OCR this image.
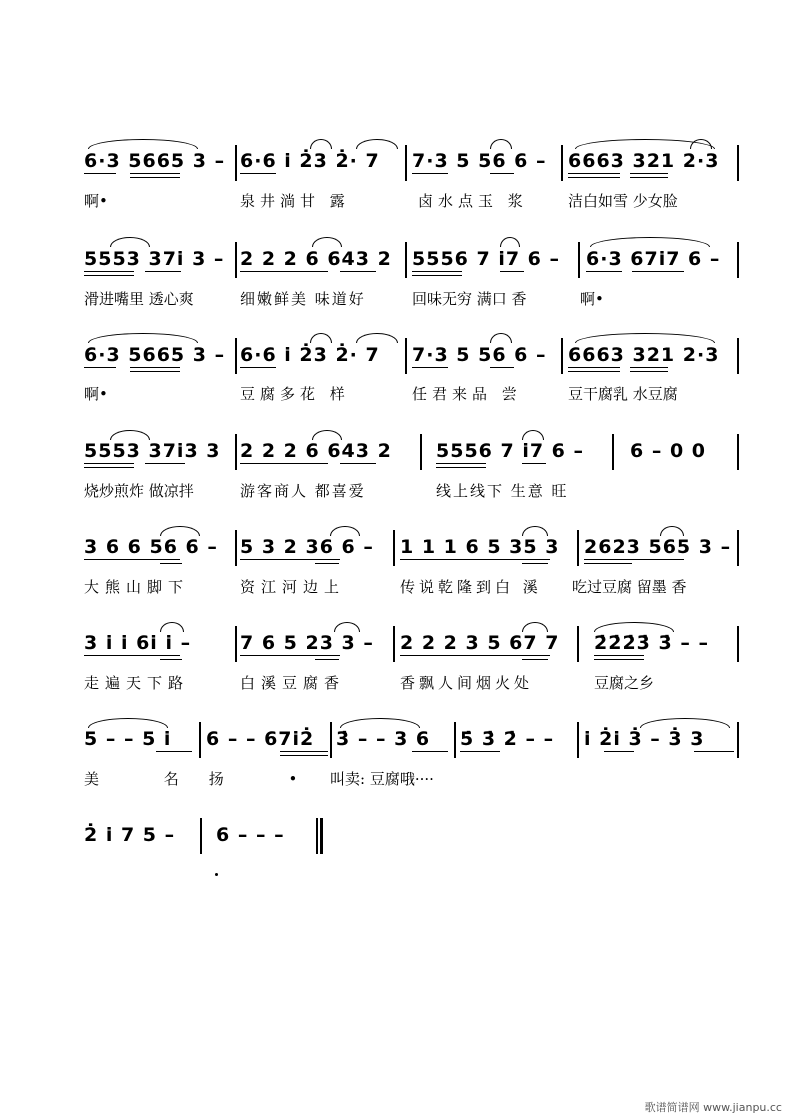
6·3 5665 3 – 6·6 i 2̇3 2̇· 7 7·3 5 56 6 – 6663 321 2·3
啊•	泉井淌甘 露	卤水点玉 浆	洁白如雪 少女脸
5553 37i 3 – 2 2 2 6 643 2 5556 7 i7 6 – 6·3 67i7 6 –
滑进嘴里 透心爽	细嫩鲜美 味道好	回味无穷 满口 香	啊•
6·3 5665 3 – 6·6 i 2̇3 2̇· 7 7·3 5 56 6 – 6663 321 2·3
啊•	豆腐多花 样	任君来品 尝	豆干腐乳 水豆腐
5553 37i3 3 2 2 2 6 643 2 5556 7 i7 6 – 6 – 0 0
烧炒煎炸 做凉拌	游客商人 都喜爱	线上线下 生意 旺
3 6 6 56 6 – 5 3 2 36 6 – 1 1 1 6 5 35 3 2623 565 3 –
大熊山脚下	资江河边上	传说乾隆到白 溪 吃过豆腐 留墨 香
3 i i 6i i –	7 6 5 23 3 – 2 2 2 3 5 67 7 2̇2̇2̇3̇ 3̇ – –
走遍天下路	白溪豆腐香	香飘人间烟火处	豆腐之乡
5 – – 5 i 6 – – 67i2̇ 3̇ – – 3 6 5̇ 3̇ 2̇ – – i 2̇i 3̇ – 3̇ 3
美 名扬 • 叫卖: 豆腐哦····
2̇ i 7 5 – 6 – – –
歌谱简谱网 www.jianpu.cc
